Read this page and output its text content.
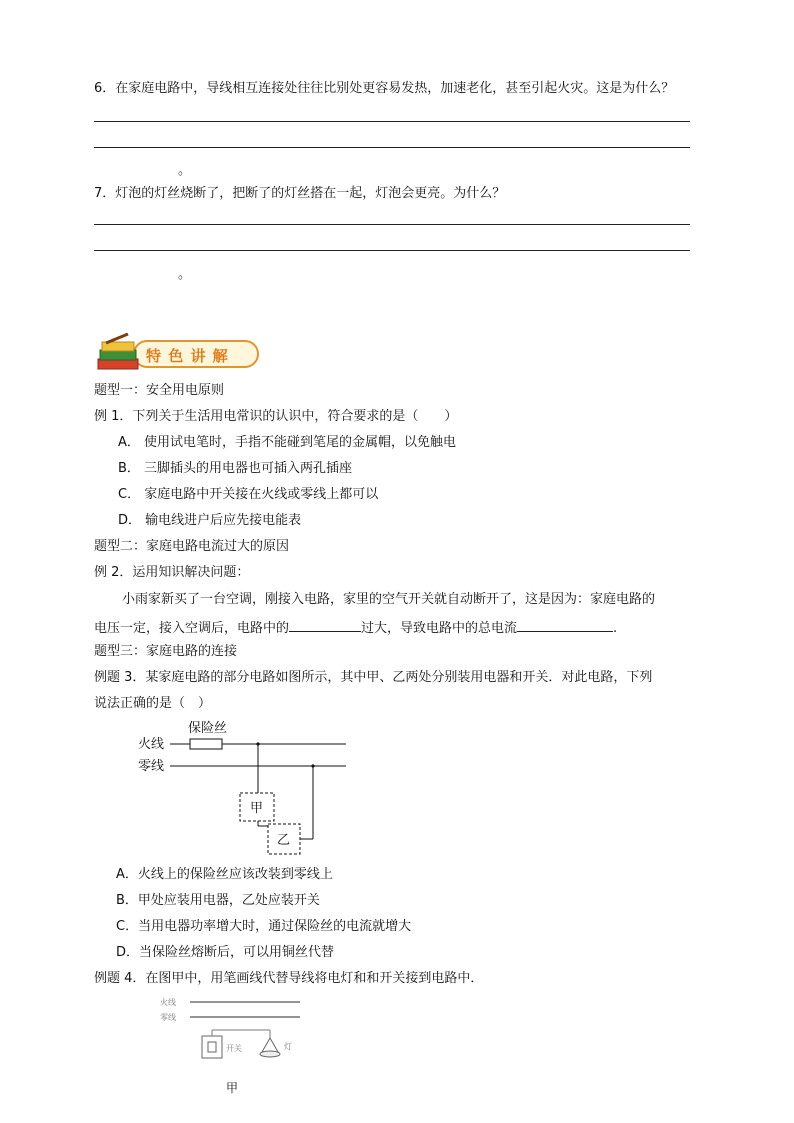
6．在家庭电路中，导线相互连接处往往比别处更容易发热，加速老化，甚至引起火灾。这是为什么？
。
7．灯泡的灯丝烧断了，把断了的灯丝搭在一起，灯泡会更亮。为什么？
。
特 色 讲 解
题型一：安全用电原则
例 1．下列关于生活用电常识的认识中，符合要求的是（　　）
A． 使用试电笔时，手指不能碰到笔尾的金属帽，以免触电
B． 三脚插头的用电器也可插入两孔插座
C． 家庭电路中开关接在火线或零线上都可以
D． 输电线进户后应先接电能表
题型二：家庭电路电流过大的原因
例 2．运用知识解决问题：
小雨家新买了一台空调，刚接入电路，家里的空气开关就自动断开了，这是因为：家庭电路的
电压一定，接入空调后，电路中的	过大，导致电路中的总电流	.
题型三：家庭电路的连接
例题 3．某家庭电路的部分电路如图所示，其中甲、乙两处分别装用电器和开关．对此电路，下列
说法正确的是（　）
保险丝
火线
零线
甲
乙
A．火线上的保险丝应该改装到零线上
B．甲处应装用电器，乙处应装开关
C．当用电器功率增大时，通过保险丝的电流就增大
D．当保险丝熔断后，可以用铜丝代替
例题 4．在图甲中，用笔画线代替导线将电灯和和开关接到电路中．
火线
零线
开关	灯
甲
